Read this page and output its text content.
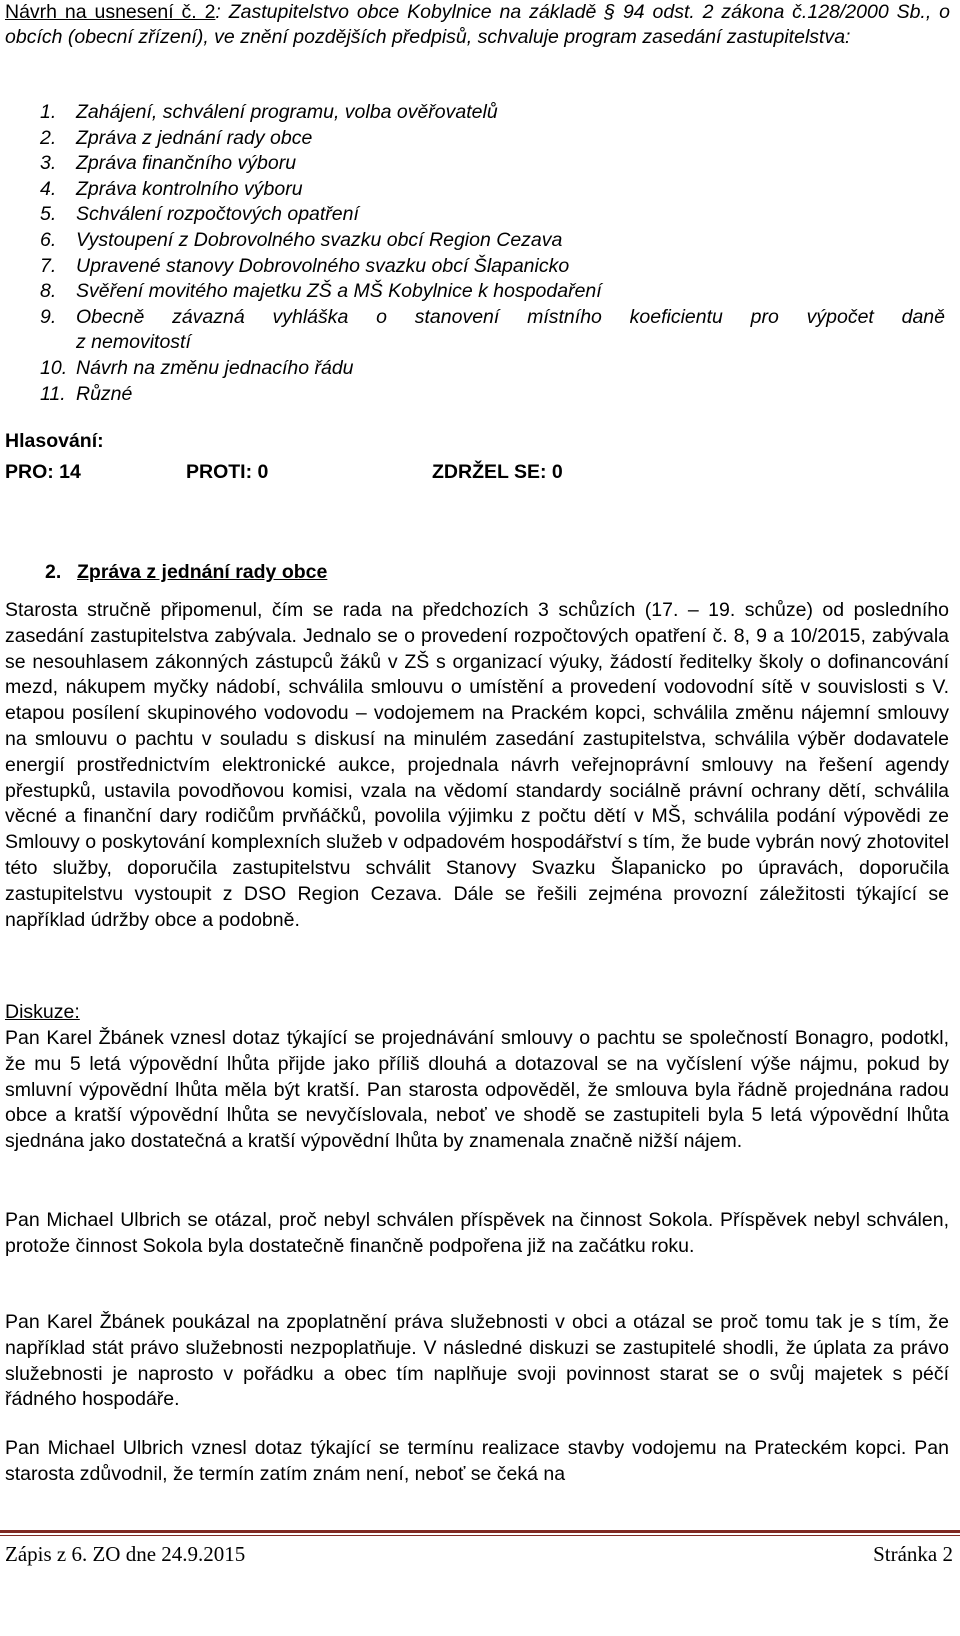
Návrh na usnesení č. 2: Zastupitelstvo obce Kobylnice na základě § 94 odst. 2 zákona č.128/2000 Sb., o obcích (obecní zřízení), ve znění pozdějších předpisů, schvaluje program zasedání zastupitelstva:
1.	Zahájení, schválení programu, volba ověřovatelů
2.	Zpráva z jednání rady obce
3.	Zpráva finančního výboru
4.	Zpráva kontrolního výboru
5.	Schválení rozpočtových opatření
6.	Vystoupení z Dobrovolného svazku obcí Region Cezava
7.	Upravené stanovy Dobrovolného svazku obcí Šlapanicko
8.	Svěření movitého majetku ZŠ a MŠ Kobylnice k hospodaření
9.	Obecně závazná vyhláška o stanovení místního koeficientu pro výpočet daně
z nemovitostí
10. Návrh na změnu jednacího řádu
11. Různé
Hlasování:
PRO: 14	PROTI: 0	ZDRŽEL SE: 0
2. Zpráva z jednání rady obce

Starosta stručně připomenul, čím se rada na předchozích 3 schůzích (17. – 19. schůze) od posledního zasedání zastupitelstva zabývala. Jednalo se o provedení rozpočtových opatření č. 8, 9 a 10/2015, zabývala se nesouhlasem zákonných zástupců žáků v ZŠ s organizací výuky, žádostí ředitelky školy o dofinancování mezd, nákupem myčky nádobí, schválila smlouvu o umístění a provedení vodovodní sítě v souvislosti s V. etapou posílení skupinového vodovodu – vodojemem na Prackém kopci, schválila změnu nájemní smlouvy na smlouvu o pachtu v souladu s diskusí na minulém zasedání zastupitelstva, schválila výběr dodavatele energií prostřednictvím elektronické aukce, projednala návrh veřejnoprávní smlouvy na řešení agendy přestupků, ustavila povodňovou komisi, vzala na vědomí standardy sociálně právní ochrany dětí, schválila věcné a finanční dary rodičům prvňáčků, povolila výjimku z počtu dětí v MŠ, schválila podání výpovědi ze Smlouvy o poskytování komplexních služeb v odpadovém hospodářství s tím, že bude vybrán nový zhotovitel této služby, doporučila zastupitelstvu schválit Stanovy Svazku Šlapanicko po úpravách, doporučila zastupitelstvu vystoupit z DSO Region Cezava. Dále se řešili zejména provozní záležitosti týkající se například údržby obce a podobně.

Diskuze:

Pan Karel Žbánek vznesl dotaz týkající se projednávání smlouvy o pachtu se společností Bonagro, podotkl, že mu 5 letá výpovědní lhůta přijde jako příliš dlouhá a dotazoval se na vyčíslení výše nájmu, pokud by smluvní výpovědní lhůta měla být kratší. Pan starosta odpověděl, že smlouva byla řádně projednána radou obce a kratší výpovědní lhůta se nevyčíslovala, neboť ve shodě se zastupiteli byla 5 letá výpovědní lhůta sjednána jako dostatečná a kratší výpovědní lhůta by znamenala značně nižší nájem.

Pan Michael Ulbrich se otázal, proč nebyl schválen příspěvek na činnost Sokola. Příspěvek nebyl schválen, protože činnost Sokola byla dostatečně finančně podpořena již na začátku roku.

Pan Karel Žbánek poukázal na zpoplatnění práva služebnosti v obci a otázal se proč tomu tak je s tím, že například stát právo služebnosti nezpoplatňuje. V následné diskuzi se zastupitelé shodli, že úplata za právo služebnosti je naprosto v pořádku a obec tím naplňuje svoji povinnost starat se o svůj majetek s péčí řádného hospodáře.

Pan Michael Ulbrich vznesl dotaz týkající se termínu realizace stavby vodojemu na Prateckém kopci. Pan starosta zdůvodnil, že termín zatím znám není, neboť se čeká na

Zápis z 6. ZO dne 24.9.2015	Stránka 2
